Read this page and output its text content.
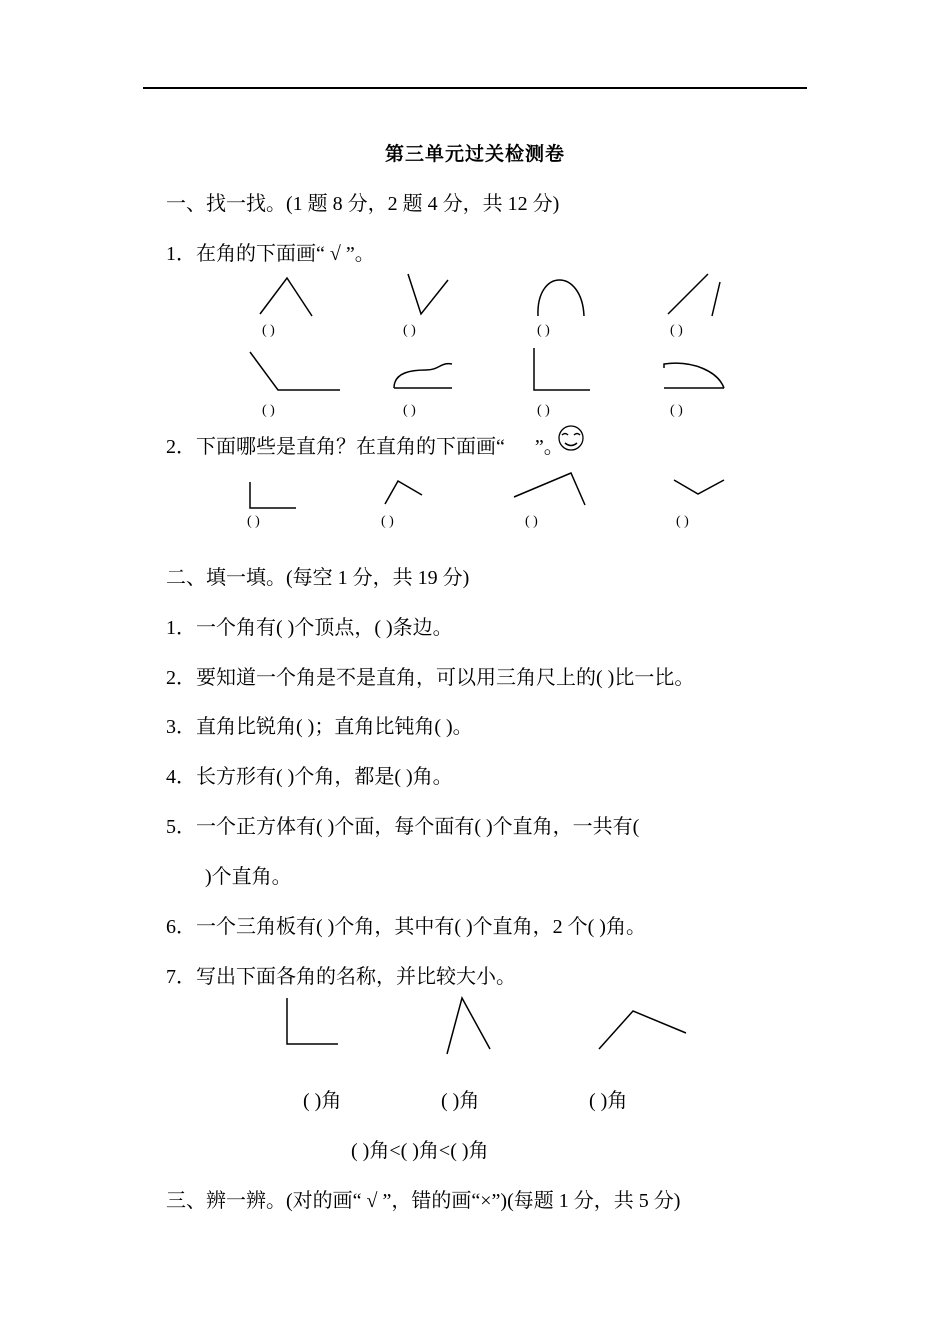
第三单元过关检测卷
一、找一找。(1 题 8 分，2 题 4 分，共 12 分)
1．在角的下面画“ √ ”。
( )	( )	( )	( )
( )	( )	( )	( )
2．下面哪些是直角？在直角的下面画“ ”。
( )	( )	( )	( )
二、填一填。(每空 1 分，共 19 分)
1．一个角有( )个顶点，( )条边。
2．要知道一个角是不是直角，可以用三角尺上的( )比一比。
3．直角比锐角( )；直角比钝角( )。
4．长方形有( )个角，都是( )角。
5．一个正方体有( )个面，每个面有( )个直角，一共有(
)个直角。
6．一个三角板有( )个角，其中有( )个直角，2 个( )角。
7．写出下面各角的名称，并比较大小。
( )角	( )角	( )角
( )角<( )角<( )角
三、辨一辨。(对的画“ √ ”，错的画“×”)(每题 1 分，共 5 分)
